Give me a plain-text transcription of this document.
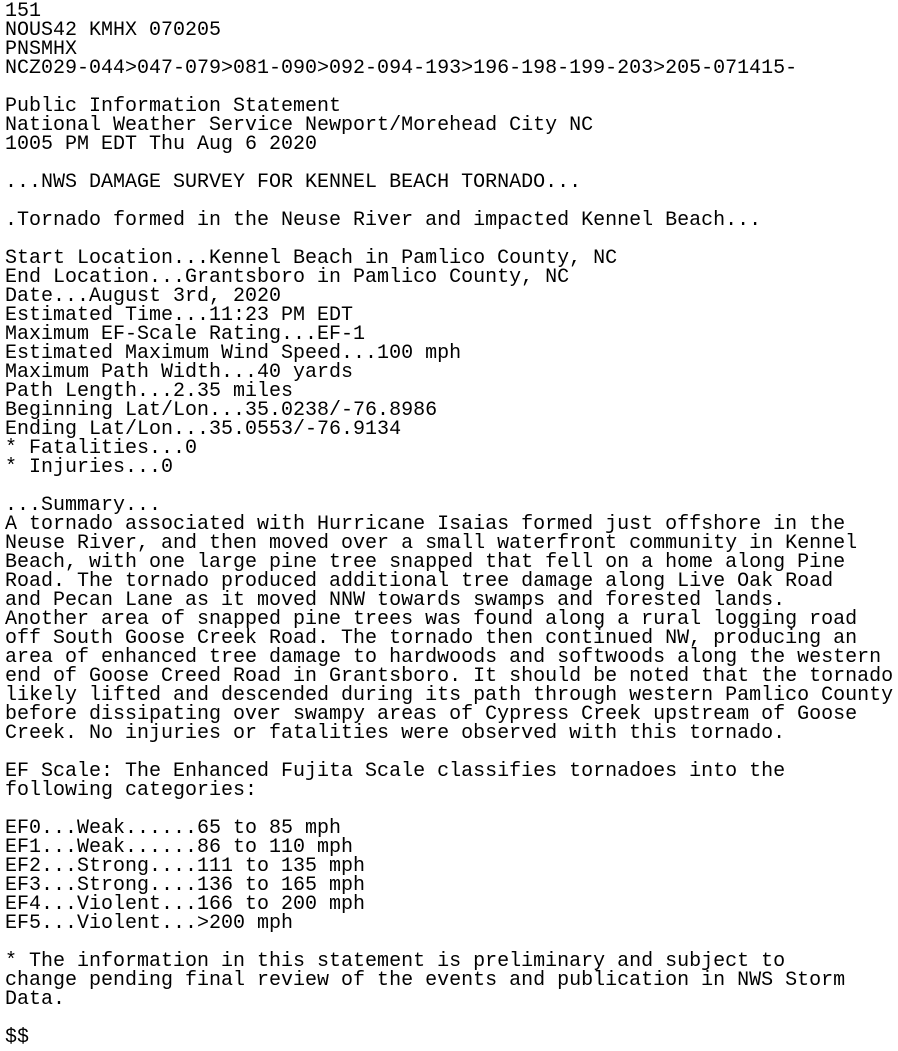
151
NOUS42 KMHX 070205
PNSMHX
NCZ029-044>047-079>081-090>092-094-193>196-198-199-203>205-071415-
Public Information Statement
National Weather Service Newport/Morehead City NC
1005 PM EDT Thu Aug 6 2020
...NWS DAMAGE SURVEY FOR KENNEL BEACH TORNADO...
.Tornado formed in the Neuse River and impacted Kennel Beach...
Start Location...Kennel Beach in Pamlico County, NC
End Location...Grantsboro in Pamlico County, NC
Date...August 3rd, 2020
Estimated Time...11:23 PM EDT
Maximum EF-Scale Rating...EF-1
Estimated Maximum Wind Speed...100 mph
Maximum Path Width...40 yards
Path Length...2.35 miles
Beginning Lat/Lon...35.0238/-76.8986
Ending Lat/Lon...35.0553/-76.9134
* Fatalities...0
* Injuries...0
...Summary...
A tornado associated with Hurricane Isaias formed just offshore in the
Neuse River, and then moved over a small waterfront community in Kennel
Beach, with one large pine tree snapped that fell on a home along Pine
Road. The tornado produced additional tree damage along Live Oak Road
and Pecan Lane as it moved NNW towards swamps and forested lands.
Another area of snapped pine trees was found along a rural logging road
off South Goose Creek Road. The tornado then continued NW, producing an
area of enhanced tree damage to hardwoods and softwoods along the western
end of Goose Creed Road in Grantsboro. It should be noted that the tornado
likely lifted and descended during its path through western Pamlico County
before dissipating over swampy areas of Cypress Creek upstream of Goose
Creek. No injuries or fatalities were observed with this tornado.
EF Scale: The Enhanced Fujita Scale classifies tornadoes into the
following categories:
EF0...Weak......65 to 85 mph
EF1...Weak......86 to 110 mph
EF2...Strong....111 to 135 mph
EF3...Strong....136 to 165 mph
EF4...Violent...166 to 200 mph
EF5...Violent...>200 mph
* The information in this statement is preliminary and subject to
change pending final review of the events and publication in NWS Storm
Data.
$$
